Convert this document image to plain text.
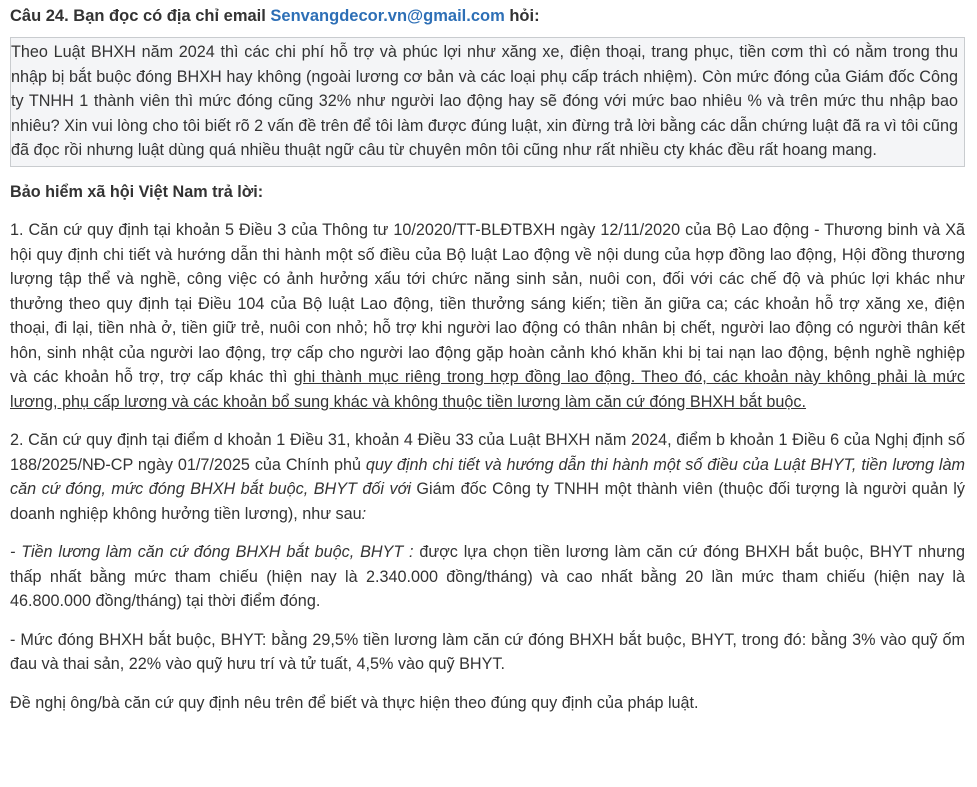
Câu 24. Bạn đọc có địa chỉ email Senvangdecor.vn@gmail.com hỏi:
Theo Luật BHXH năm 2024 thì các chi phí hỗ trợ và phúc lợi như xăng xe, điện thoại, trang phục, tiền cơm thì có nằm trong thu nhập bị bắt buộc đóng BHXH hay không (ngoài lương cơ bản và các loại phụ cấp trách nhiệm). Còn mức đóng của Giám đốc Công ty TNHH 1 thành viên thì mức đóng cũng 32% như người lao động hay sẽ đóng với mức bao nhiêu % và trên mức thu nhập bao nhiêu? Xin vui lòng cho tôi biết rõ 2 vấn đề trên để tôi làm được đúng luật, xin đừng trả lời bằng các dẫn chứng luật đã ra vì tôi cũng đã đọc rồi nhưng luật dùng quá nhiều thuật ngữ câu từ chuyên môn tôi cũng như rất nhiều cty khác đều rất hoang mang.

Bảo hiểm xã hội Việt Nam trả lời:

1. Căn cứ quy định tại khoản 5 Điều 3 của Thông tư 10/2020/TT-BLĐTBXH ngày 12/11/2020 của Bộ Lao động - Thương binh và Xã hội quy định chi tiết và hướng dẫn thi hành một số điều của Bộ luật Lao động về nội dung của hợp đồng lao động, Hội đồng thương lượng tập thể và nghề, công việc có ảnh hưởng xấu tới chức năng sinh sản, nuôi con, đối với các chế độ và phúc lợi khác như thưởng theo quy định tại Điều 104 của Bộ luật Lao động, tiền thưởng sáng kiến; tiền ăn giữa ca; các khoản hỗ trợ xăng xe, điện thoại, đi lại, tiền nhà ở, tiền giữ trẻ, nuôi con nhỏ; hỗ trợ khi người lao động có thân nhân bị chết, người lao động có người thân kết hôn, sinh nhật của người lao động, trợ cấp cho người lao động gặp hoàn cảnh khó khăn khi bị tai nạn lao động, bệnh nghề nghiệp và các khoản hỗ trợ, trợ cấp khác thì ghi thành mục riêng trong hợp đồng lao động. Theo đó, các khoản này không phải là mức lương, phụ cấp lương và các khoản bổ sung khác và không thuộc tiền lương làm căn cứ đóng BHXH bắt buộc.

2. Căn cứ quy định tại điểm d khoản 1 Điều 31, khoản 4 Điều 33 của Luật BHXH năm 2024, điểm b khoản 1 Điều 6 của Nghị định số 188/2025/NĐ-CP ngày 01/7/2025 của Chính phủ quy định chi tiết và hướng dẫn thi hành một số điều của Luật BHYT, tiền lương làm căn cứ đóng, mức đóng BHXH bắt buộc, BHYT đối với Giám đốc Công ty TNHH một thành viên (thuộc đối tượng là người quản lý doanh nghiệp không hưởng tiền lương), như sau:

- Tiền lương làm căn cứ đóng BHXH bắt buộc, BHYT : được lựa chọn tiền lương làm căn cứ đóng BHXH bắt buộc, BHYT nhưng thấp nhất bằng mức tham chiếu (hiện nay là 2.340.000 đồng/tháng) và cao nhất bằng 20 lần mức tham chiếu (hiện nay là 46.800.000 đồng/tháng) tại thời điểm đóng.

- Mức đóng BHXH bắt buộc, BHYT: bằng 29,5% tiền lương làm căn cứ đóng BHXH bắt buộc, BHYT, trong đó: bằng 3% vào quỹ ốm đau và thai sản, 22% vào quỹ hưu trí và tử tuất, 4,5% vào quỹ BHYT.

Đề nghị ông/bà căn cứ quy định nêu trên để biết và thực hiện theo đúng quy định của pháp luật.
